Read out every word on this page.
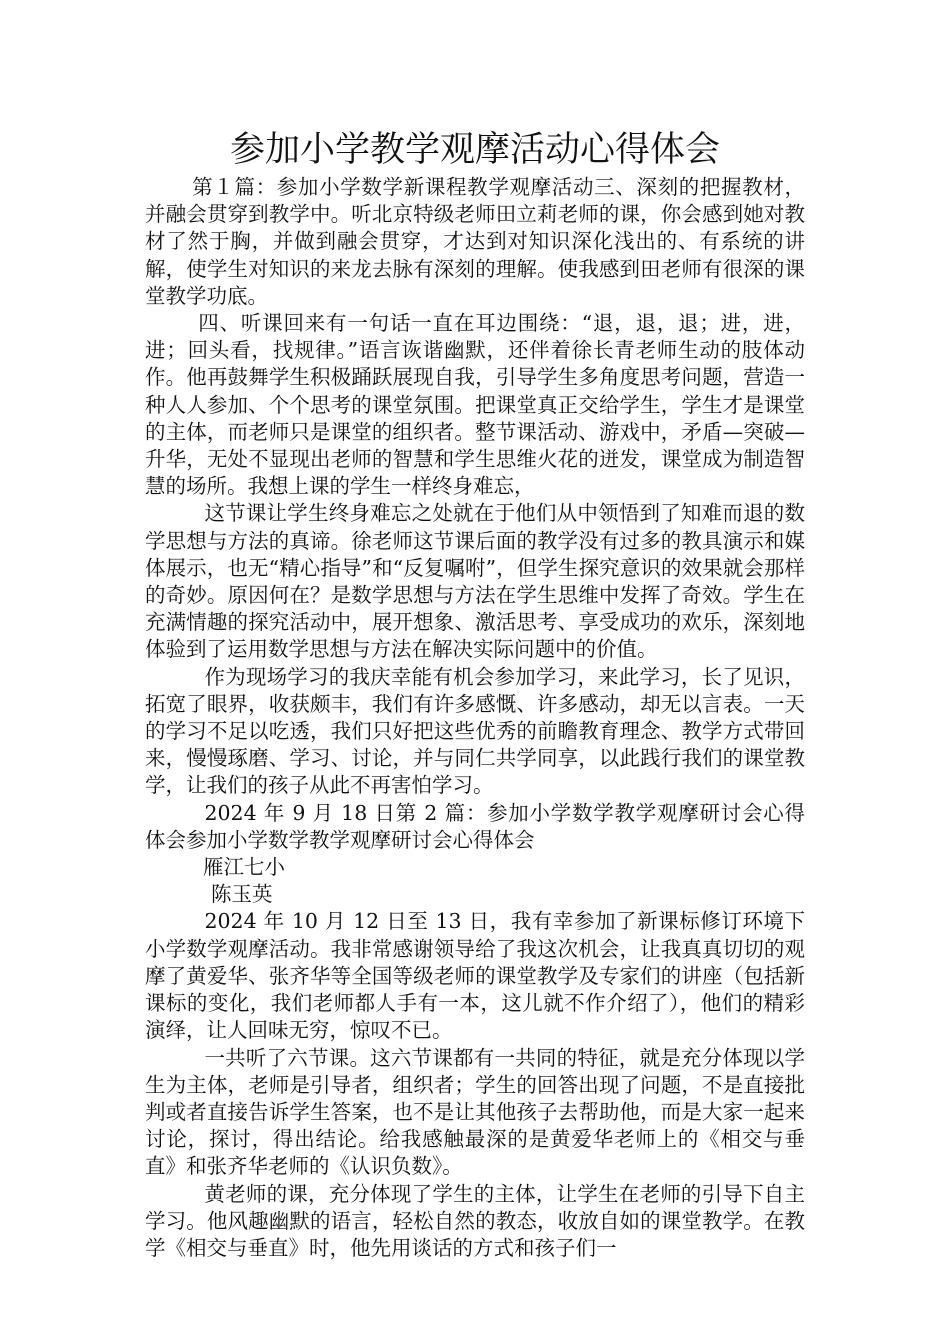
参加小学教学观摩活动心得体会

第１篇：参加小学数学新课程教学观摩活动三、深刻的把握教材，并融会贯穿到教学中。听北京特级老师田立莉老师的课，你会感到她对教材了然于胸，并做到融会贯穿，才达到对知识深化浅出的、有系统的讲解，使学生对知识的来龙去脉有深刻的理解。使我感到田老师有很深的课堂教学功底。

四、听课回来有一句话一直在耳边围绕：“退，退，退；进，进，进；回头看，找规律。”语言诙谐幽默，还伴着徐长青老师生动的肢体动作。他再鼓舞学生积极踊跃展现自我，引导学生多角度思考问题，营造一种人人参加、个个思考的课堂氛围。把课堂真正交给学生，学生才是课堂的主体，而老师只是课堂的组织者。整节课活动、游戏中，矛盾—突破—升华，无处不显现出老师的智慧和学生思维火花的迸发，课堂成为制造智慧的场所。我想上课的学生一样终身难忘，

这节课让学生终身难忘之处就在于他们从中领悟到了知难而退的数学思想与方法的真谛。徐老师这节课后面的教学没有过多的教具演示和媒体展示，也无“精心指导”和“反复嘱咐”，但学生探究意识的效果就会那样的奇妙。原因何在？是数学思想与方法在学生思维中发挥了奇效。学生在充满情趣的探究活动中，展开想象、激活思考、享受成功的欢乐，深刻地体验到了运用数学思想与方法在解决实际问题中的价值。

作为现场学习的我庆幸能有机会参加学习，来此学习，长了见识，拓宽了眼界，收获颇丰，我们有许多感慨、许多感动，却无以言表。一天的学习不足以吃透，我们只好把这些优秀的前瞻教育理念、教学方式带回来，慢慢琢磨、学习、讨论，并与同仁共学同享，以此践行我们的课堂教学，让我们的孩子从此不再害怕学习。

2024 年 9 月 18 日第 2 篇：参加小学数学教学观摩研讨会心得体会参加小学数学教学观摩研讨会心得体会

雁江七小

陈玉英

2024 年 10 月 12 日至 13 日，我有幸参加了新课标修订环境下小学数学观摩活动。我非常感谢领导给了我这次机会，让我真真切切的观摩了黄爱华、张齐华等全国等级老师的课堂教学及专家们的讲座（包括新课标的变化，我们老师都人手有一本，这儿就不作介绍了），他们的精彩演绎，让人回味无穷，惊叹不已。

一共听了六节课。这六节课都有一共同的特征，就是充分体现以学生为主体，老师是引导者，组织者；学生的回答出现了问题，不是直接批判或者直接告诉学生答案，也不是让其他孩子去帮助他，而是大家一起来讨论，探讨，得出结论。给我感触最深的是黄爱华老师上的《相交与垂直》和张齐华老师的《认识负数》。

黄老师的课，充分体现了学生的主体，让学生在老师的引导下自主学习。他风趣幽默的语言，轻松自然的教态，收放自如的课堂教学。在教学《相交与垂直》时，他先用谈话的方式和孩子们一
